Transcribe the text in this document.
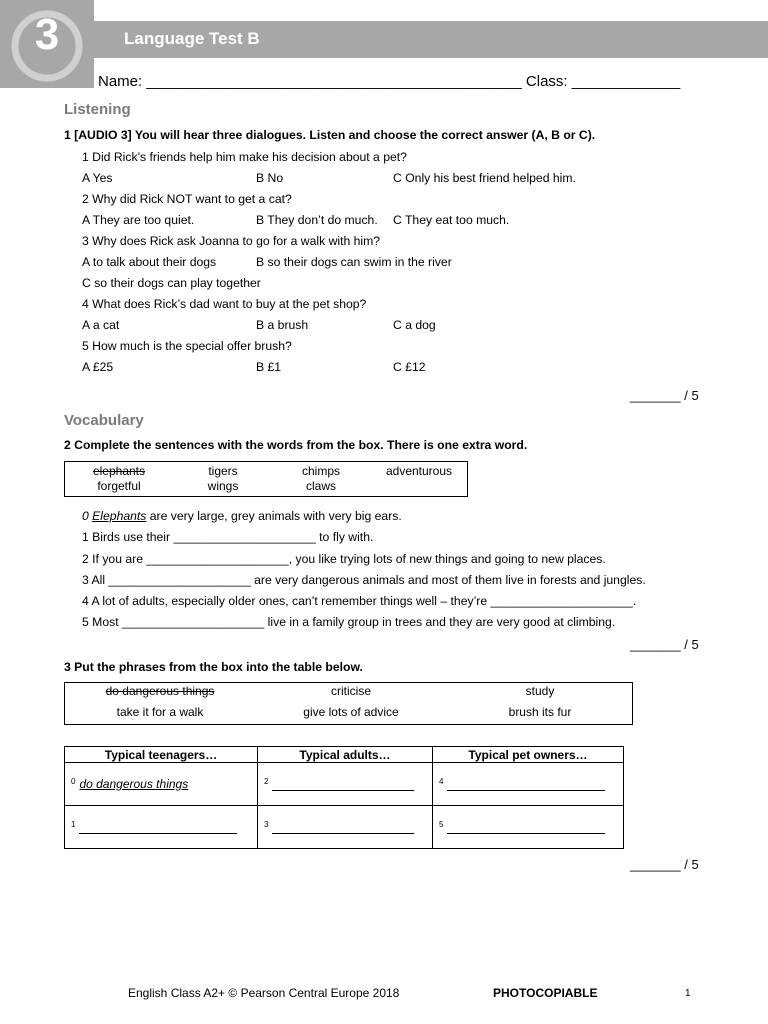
3	Language Test B
Name: _____________________________________________ Class: _____________
Listening
1 [AUDIO 3] You will hear three dialogues. Listen and choose the correct answer (A, B or C).
1 Did Rick’s friends help him make his decision about a pet?
A Yes	B No	C Only his best friend helped him.
2 Why did Rick NOT want to get a cat?
A They are too quiet.	B They don’t do much. C They eat too much.
3 Why does Rick ask Joanna to go for a walk with him?
A to talk about their dogs	B so their dogs can swim in the river
C so their dogs can play together
4 What does Rick’s dad want to buy at the pet shop?
A a cat	B a brush	C a dog
5 How much is the special offer brush?
A £25	B £1	C £12
_______ / 5
Vocabulary
2 Complete the sentences with the words from the box. There is one extra word.
elephants	tigers	chimps	adventurous
forgetful	wings	claws
0 Elephants are very large, grey animals with very big ears.
1 Birds use their _____________________ to fly with.
2 If you are _____________________, you like trying lots of new things and going to new places.
3 All _____________________ are very dangerous animals and most of them live in forests and jungles.
4 A lot of adults, especially older ones, can’t remember things well – they’re _____________________.
5 Most _____________________ live in a family group in trees and they are very good at climbing.
_______ / 5
3 Put the phrases from the box into the table below.
do dangerous things	criticise	study
take it for a walk	give lots of advice	brush its fur
Typical teenagers…	Typical adults…	Typical pet owners…
$^0$ do dangerous things	$^2$	$^4$
$^1$	$^3$	$^5$
_______ / 5
English Class A2+ © Pearson Central Europe 2018	PHOTOCOPIABLE	1
